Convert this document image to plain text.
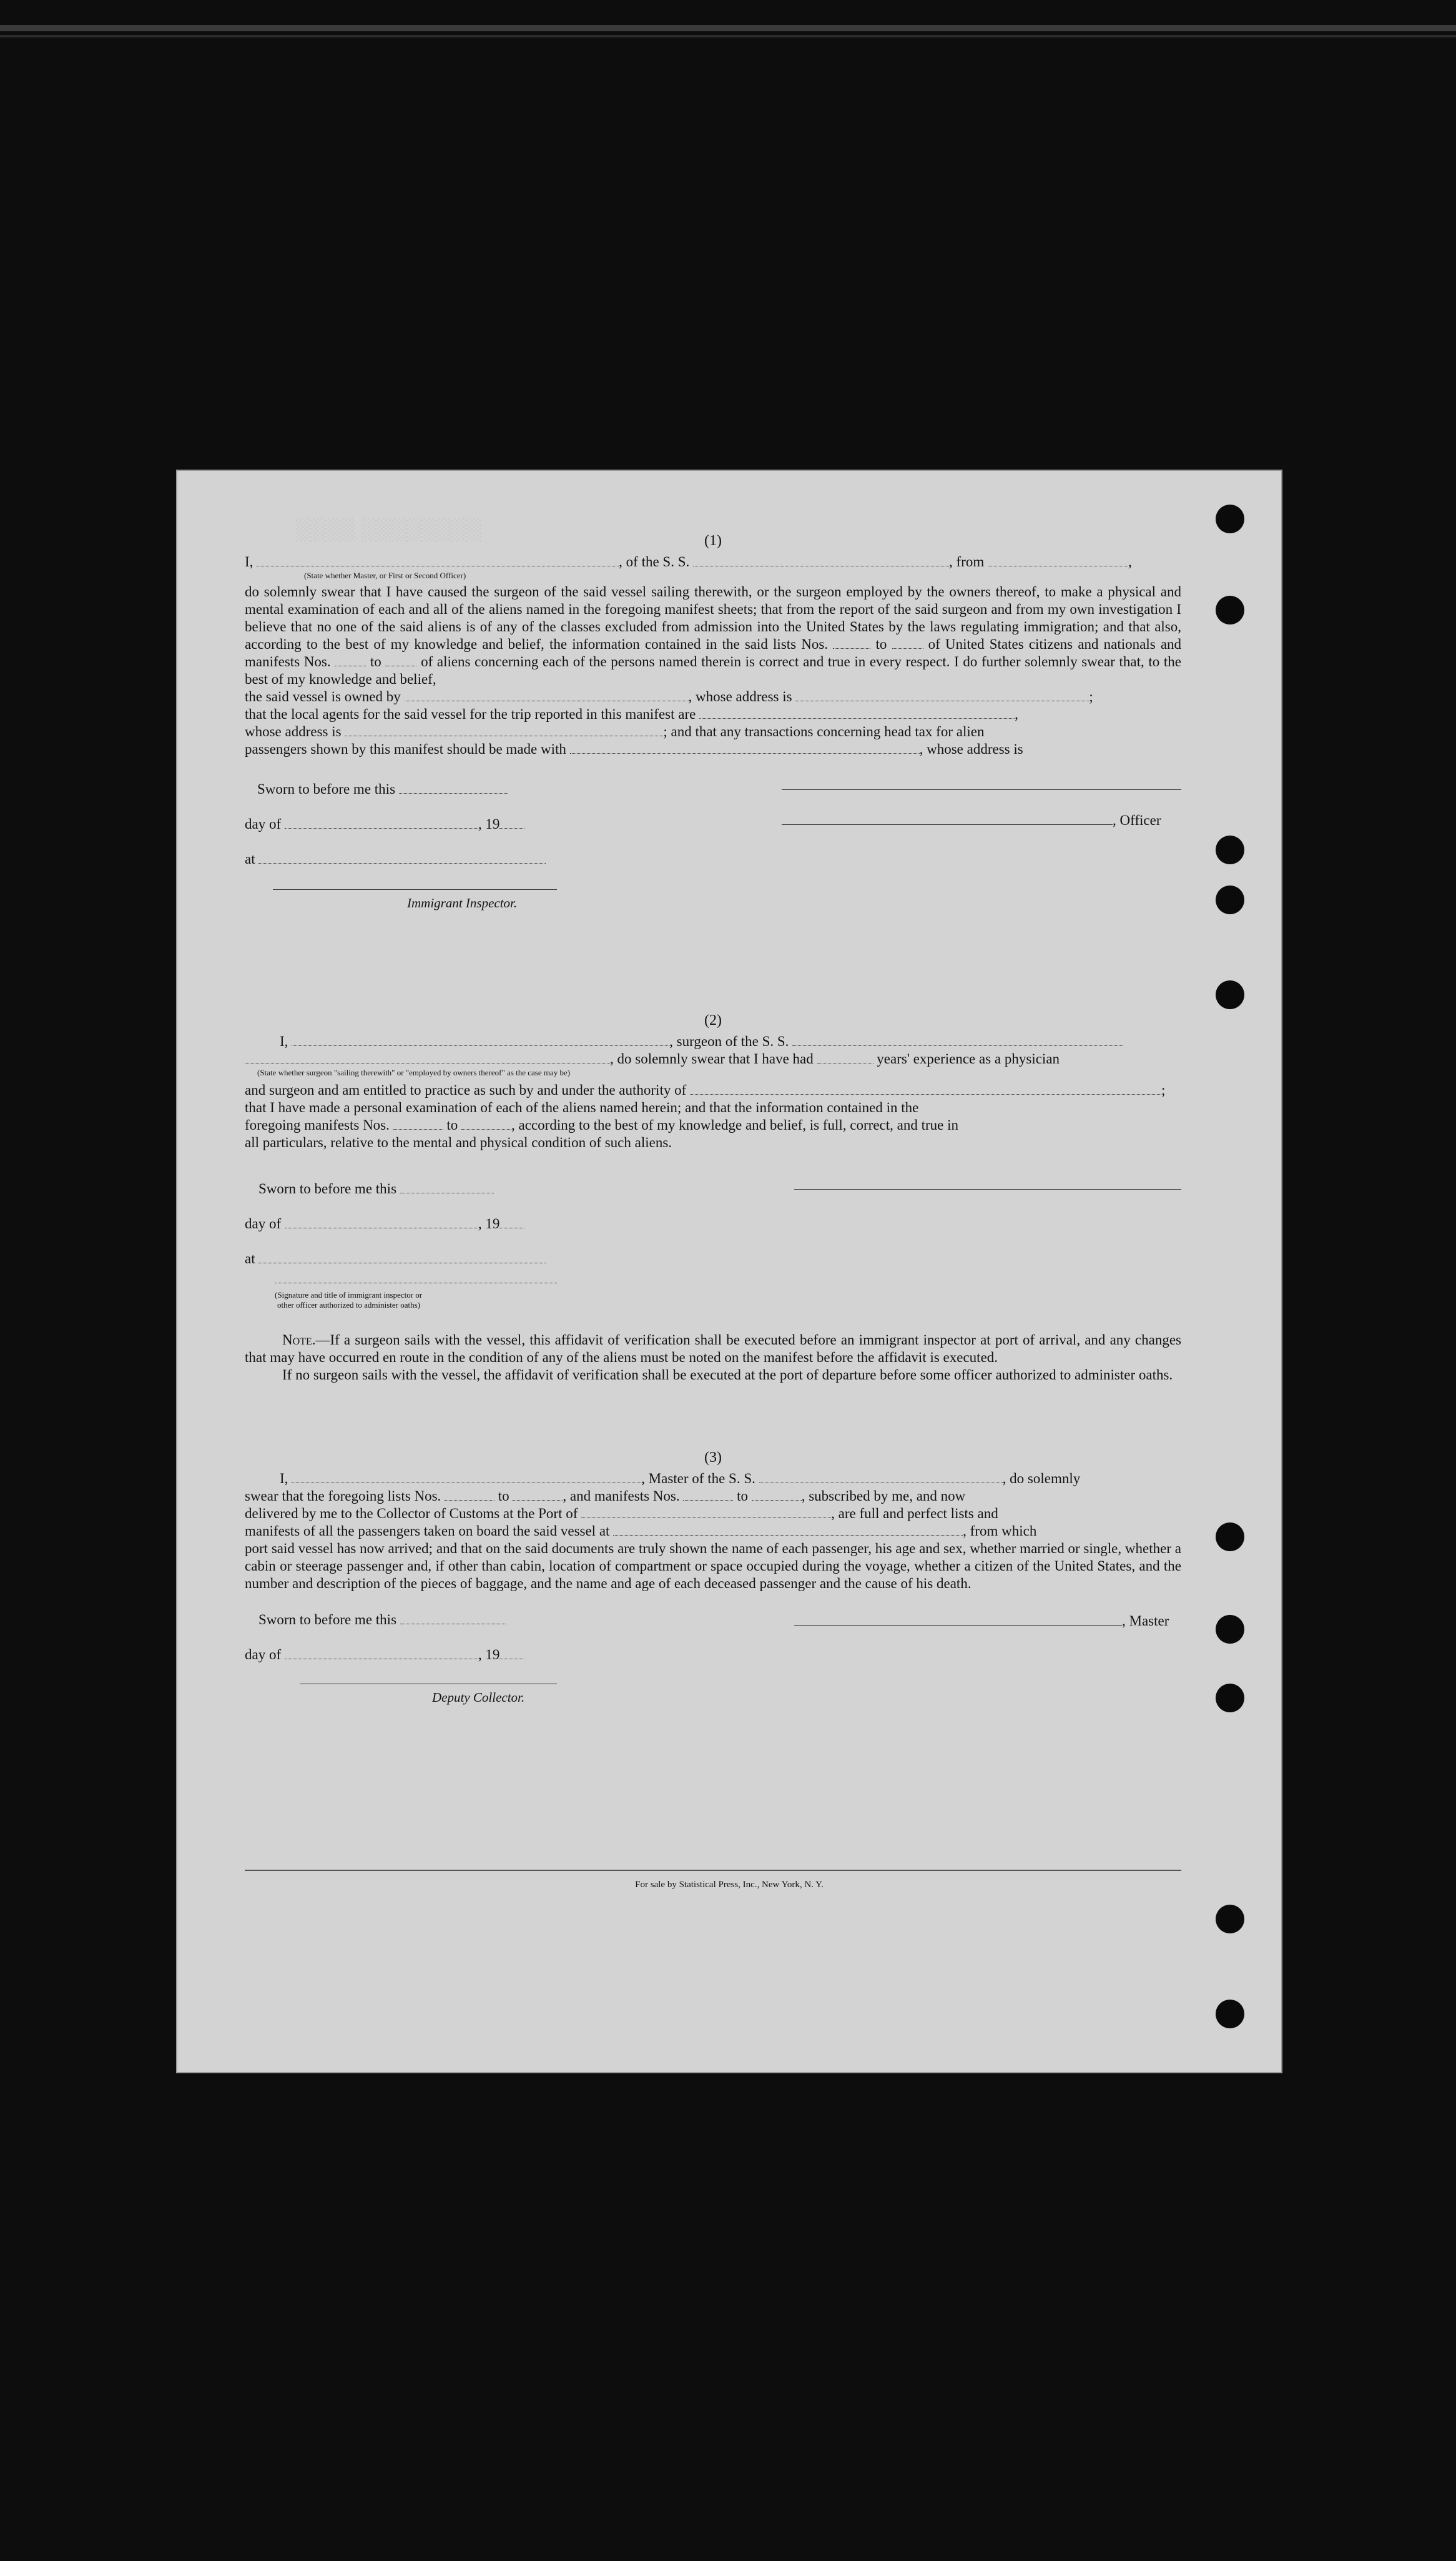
░░░░ ░░░░░░░░	(1)
I,	, of the S. S.	, from	,
(State whether Master, or First or Second Officer)
do solemnly swear that I have caused the surgeon of the said vessel sailing therewith, or the surgeon employed by the owners thereof, to make a physical and mental examination of each and all of the aliens named in the foregoing manifest sheets; that from the report of the said surgeon and from my own investigation I believe that no one of the said aliens is of any of the classes excluded from admission into the United States by the laws regulating immigration; and that also, according to the best of my knowledge and belief, the information contained in the said lists Nos.	to	of United States citizens and nationals and manifests Nos.	to	of aliens concerning each of the persons named therein is correct and true in every respect. I do further solemnly swear that, to the best of my knowledge and belief,
the said vessel is owned by	, whose address is	;
that the local agents for the said vessel for the trip reported in this manifest are	,
whose address is	; and that any transactions concerning head tax for alien
passengers shown by this manifest should be made with	, whose address is
Sworn to before me this
day of	, 19
at
Immigrant Inspector.
, Officer
(2)
I,	, surgeon of the S. S.
, do solemnly swear that I have had	years' experience as a physician
(State whether surgeon "sailing therewith" or "employed by owners thereof" as the case may be)
and surgeon and am entitled to practice as such by and under the authority of	;
that I have made a personal examination of each of the aliens named herein; and that the information contained in the
foregoing manifests Nos.	to	, according to the best of my knowledge and belief, is full, correct, and true in
all particulars, relative to the mental and physical condition of such aliens.
Sworn to before me this
day of	, 19
at
(Signature and title of immigrant inspector or
other officer authorized to administer oaths)
Note.—If a surgeon sails with the vessel, this affidavit of verification shall be executed before an immigrant inspector at port of arrival, and any changes that may have occurred en route in the condition of any of the aliens must be noted on the manifest before the affidavit is executed.
If no surgeon sails with the vessel, the affidavit of verification shall be executed at the port of departure before some officer authorized to administer oaths.
(3)
I,	, Master of the S. S.	, do solemnly
swear that the foregoing lists Nos.	to	, and manifests Nos.	to	, subscribed by me, and now
delivered by me to the Collector of Customs at the Port of	, are full and perfect lists and
manifests of all the passengers taken on board the said vessel at	, from which
port said vessel has now arrived; and that on the said documents are truly shown the name of each passenger, his age and sex, whether married or single, whether a cabin or steerage passenger and, if other than cabin, location of compartment or space occupied during the voyage, whether a citizen of the United States, and the number and description of the pieces of baggage, and the name and age of each deceased passenger and the cause of his death.
Sworn to before me this
day of	, 19
Deputy Collector.
, Master
For sale by Statistical Press, Inc., New York, N. Y.
